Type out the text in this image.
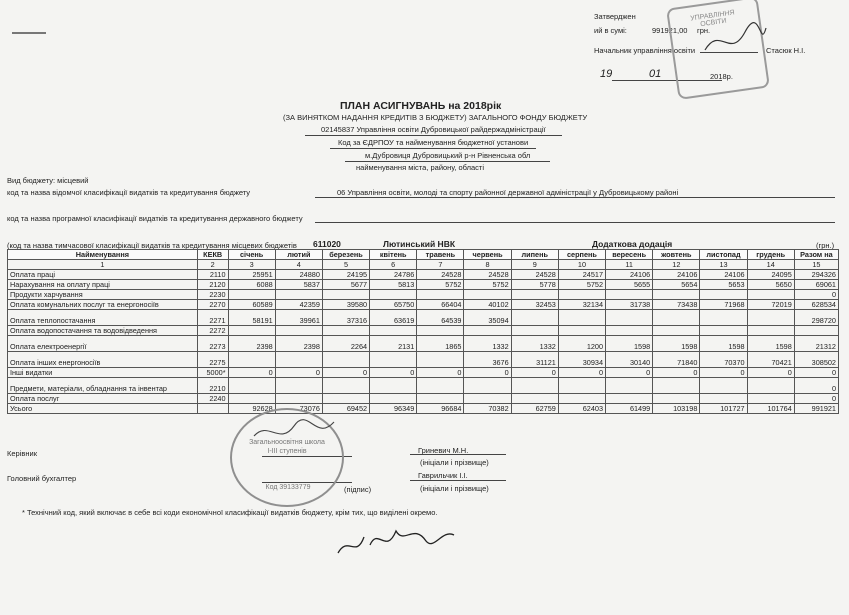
Затверджен
ий в сумі:	991921,00 грн.
Начальник управління освіти	Стасюк Н.І.
19	01	2018р.
УПРАВЛІННЯ ОСВІТИ
ПЛАН АСИГНУВАНЬ на 2018рік
(ЗА ВИНЯТКОМ НАДАННЯ КРЕДИТІВ З БЮДЖЕТУ) ЗАГАЛЬНОГО ФОНДУ БЮДЖЕТУ
02145837 Управління освіти Дубровицької райдержадміністрації
Код за ЄДРПОУ та найменування бюджетної установи
м.Дубровиця Дубровицький р-н Рівненська обл
найменування міста, району, області
Вид бюджету: місцевий
код та назва відомчої класифікації видатків та кредитування бюджету	06 Управління освіти, молоді та спорту районної державної адміністрації у Дубровицькому районі
код та назва програмної класифікації видатків та кредитування державного бюджету
(код та назва тимчасової класифікації видатків та кредитування місцевих бюджетів 611020	Лютинський НВК	Додаткова додація	(грн.)
Найменування	КЕКВ	січень	лютий	березень	квітень	травень	червень	липень	серпень	вересень	жовтень	листопад	грудень	Разом на
1	2	3	4	5	6	7	8	9	10	11	12	13	14	15
Оплата праці	2110	25951	24880	24195	24786	24528	24528	24528	24517	24106	24106	24106	24095	294326
Нарахування на оплату праці	2120	6088	5837	5677	5813	5752	5752	5778	5752	5655	5654	5653	5650	69061
Продукти харчування	2230													0
Оплата комунальних послуг та енергоносіїв	2270	60589	42359	39580	65750	66404	40102	32453	32134	31738	73438	71968	72019	628534
Оплата теплопостачання	2271	58191	39961	37316	63619	64539	35094							298720
Оплата водопостачання та водовідведення	2272													
Оплата електроенергії	2273	2398	2398	2264	2131	1865	1332	1332	1200	1598	1598	1598	1598	21312
Оплата інших енергоносіїв	2275						3676	31121	30934	30140	71840	70370	70421	308502
Інші видатки	5000*	0	0	0	0	0	0	0	0	0	0	0	0	0
Предмети, матеріали, обладнання та інвентар	2210													0
Оплата послуг	2240													0
Усього		92628	73076	69452	96349	96684	70382	62759	62403	61499	103198	101727	101764	991921
Керівник	Гриневич М.Н.
(ініціали і прізвище)
Головний бухгалтер
(підпис)
Гаврильчик І.І.
(ініціали і прізвище)
Загальноосвітня школа І-ІІІ ступенів
Код 39133779
* Технічний код, який включає в себе всі коди економічної класифікації видатків бюджету, крім тих, що виділені окремо.
